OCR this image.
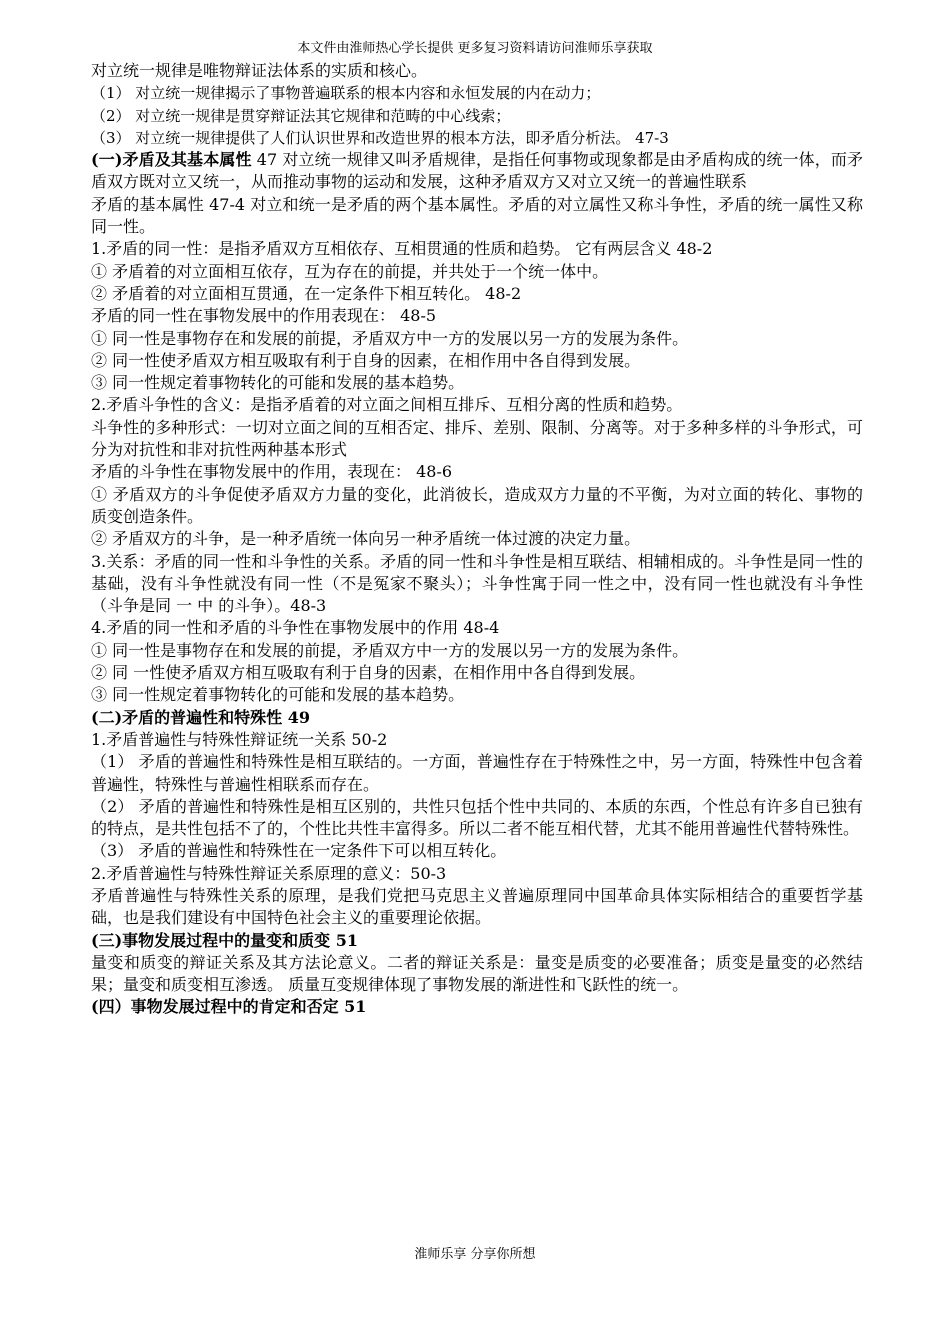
本文件由淮师热心学长提供 更多复习资料请访问淮师乐享获取

对立统一规律是唯物辩证法体系的实质和核心。

（1） 对立统一规律揭示了事物普遍联系的根本内容和永恒发展的内在动力；

（2） 对立统一规律是贯穿辩证法其它规律和范畴的中心线索；

（3） 对立统一规律提供了人们认识世界和改造世界的根本方法，即矛盾分析法。 47-3

(一)矛盾及其基本属性 47 对立统一规律又叫矛盾规律，是指任何事物或现象都是由矛盾构成的统一体，而矛盾双方既对立又统一，从而推动事物的运动和发展，这种矛盾双方又对立又统一的普遍性联系

矛盾的基本属性 47-4 对立和统一是矛盾的两个基本属性。矛盾的对立属性又称斗争性，矛盾的统一属性又称同一性。

1.矛盾的同一性：是指矛盾双方互相依存、互相贯通的性质和趋势。 它有两层含义 48-2

① 矛盾着的对立面相互依存，互为存在的前提，并共处于一个统一体中。

② 矛盾着的对立面相互贯通，在一定条件下相互转化。 48-2

矛盾的同一性在事物发展中的作用表现在： 48-5

① 同一性是事物存在和发展的前提，矛盾双方中一方的发展以另一方的发展为条件。

② 同一性使矛盾双方相互吸取有利于自身的因素，在相作用中各自得到发展。

③ 同一性规定着事物转化的可能和发展的基本趋势。

2.矛盾斗争性的含义：是指矛盾着的对立面之间相互排斥、互相分离的性质和趋势。

斗争性的多种形式：一切对立面之间的互相否定、排斥、差别、限制、分离等。对于多种多样的斗争形式，可分为对抗性和非对抗性两种基本形式

矛盾的斗争性在事物发展中的作用，表现在： 48-6

① 矛盾双方的斗争促使矛盾双方力量的变化，此消彼长，造成双方力量的不平衡，为对立面的转化、事物的质变创造条件。

② 矛盾双方的斗争，是一种矛盾统一体向另一种矛盾统一体过渡的决定力量。

3.关系：矛盾的同一性和斗争性的关系。矛盾的同一性和斗争性是相互联结、相辅相成的。斗争性是同一性的基础，没有斗争性就没有同一性（不是冤家不聚头）；斗争性寓于同一性之中，没有同一性也就没有斗争性（斗争是同 一 中 的斗争）。48-3

4.矛盾的同一性和矛盾的斗争性在事物发展中的作用 48-4

① 同一性是事物存在和发展的前提，矛盾双方中一方的发展以另一方的发展为条件。

② 同 一性使矛盾双方相互吸取有利于自身的因素，在相作用中各自得到发展。

③ 同一性规定着事物转化的可能和发展的基本趋势。

(二)矛盾的普遍性和特殊性 49

1.矛盾普遍性与特殊性辩证统一关系 50-2

（1） 矛盾的普遍性和特殊性是相互联结的。一方面，普遍性存在于特殊性之中，另一方面，特殊性中包含着普遍性，特殊性与普遍性相联系而存在。

（2） 矛盾的普遍性和特殊性是相互区别的，共性只包括个性中共同的、本质的东西，个性总有许多自已独有的特点，是共性包括不了的，个性比共性丰富得多。所以二者不能互相代替，尤其不能用普遍性代替特殊性。

（3） 矛盾的普遍性和特殊性在一定条件下可以相互转化。

2.矛盾普遍性与特殊性辩证关系原理的意义：50-3

矛盾普遍性与特殊性关系的原理，是我们党把马克思主义普遍原理同中国革命具体实际相结合的重要哲学基础，也是我们建设有中国特色社会主义的重要理论依据。

(三)事物发展过程中的量变和质变 51

量变和质变的辩证关系及其方法论意义。二者的辩证关系是：量变是质变的必要准备；质变是量变的必然结果；量变和质变相互渗透。 质量互变规律体现了事物发展的渐进性和飞跃性的统一。

(四）事物发展过程中的肯定和否定 51

淮师乐享 分享你所想
